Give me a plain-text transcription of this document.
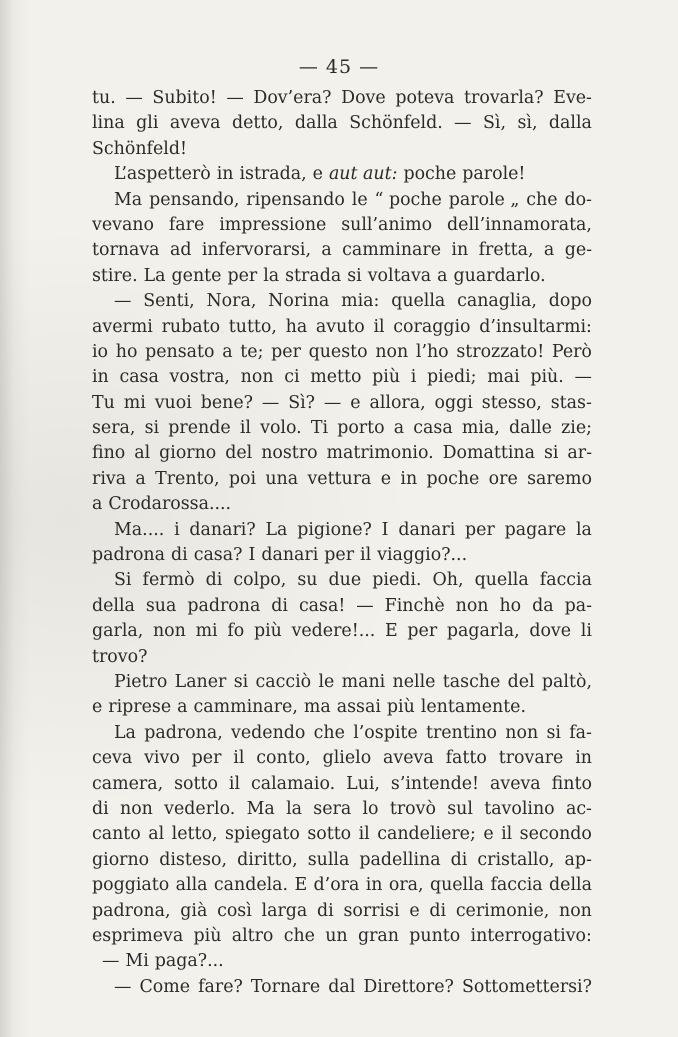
— 45 —
tu. — Subito! — Dov’era? Dove poteva trovarla? Eve-
lina gli aveva detto, dalla Schönfeld. — Sì, sì, dalla
Schönfeld!
L’aspetterò in istrada, e aut aut: poche parole!
Ma pensando, ripensando le “ poche parole „ che do-
vevano fare impressione sull’animo dell’innamorata,
tornava ad infervorarsi, a camminare in fretta, a ge-
stire. La gente per la strada si voltava a guardarlo.
— Senti, Nora, Norina mia: quella canaglia, dopo
avermi rubato tutto, ha avuto il coraggio d’insultarmi:
io ho pensato a te; per questo non l’ho strozzato! Però
in casa vostra, non ci metto più i piedi; mai più. —
Tu mi vuoi bene? — Sì? — e allora, oggi stesso, stas-
sera, si prende il volo. Ti porto a casa mia, dalle zie;
fino al giorno del nostro matrimonio. Domattina si ar-
riva a Trento, poi una vettura e in poche ore saremo
a Crodarossa....
Ma.... i danari? La pigione? I danari per pagare la
padrona di casa? I danari per il viaggio?...
Si fermò di colpo, su due piedi. Oh, quella faccia
della sua padrona di casa! — Finchè non ho da pa-
garla, non mi fo più vedere!... E per pagarla, dove li
trovo?
Pietro Laner si cacciò le mani nelle tasche del paltò,
e riprese a camminare, ma assai più lentamente.
La padrona, vedendo che l’ospite trentino non si fa-
ceva vivo per il conto, glielo aveva fatto trovare in
camera, sotto il calamaio. Lui, s’intende! aveva finto
di non vederlo. Ma la sera lo trovò sul tavolino ac-
canto al letto, spiegato sotto il candeliere; e il secondo
giorno disteso, diritto, sulla padellina di cristallo, ap-
poggiato alla candela. E d’ora in ora, quella faccia della
padrona, già così larga di sorrisi e di cerimonie, non
esprimeva più altro che un gran punto interrogativo:
— Mi paga?...
— Come fare? Tornare dal Direttore? Sottomettersi?
